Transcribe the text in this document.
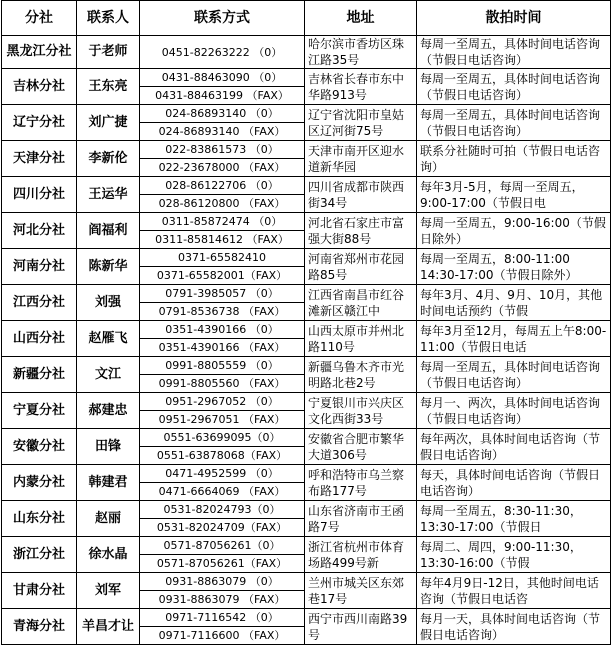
分社	联系人	联系方式	地址	散拍时间
黑龙江分社	于老师	0451-82263222 （0）	哈尔滨市香坊区珠江路35号	每周一至周五，具体时间电话咨询（节假日电话咨询）

吉林分社	王东亮	0431-88463090 （0）	吉林省长春市东中华路913号	每周一至周五，具体时间电话咨询（节假日电话咨询）
		0431-88463199 （FAX）		
辽宁分社	刘广捷	024-86893140 （0）	辽宁省沈阳市皇姑区辽河街75号	每周一至周五，具体时间电话咨询（节假日电话咨询）
		024-86893140 （FAX）		
天津分社	李新伦	022-83861573 （0）	天津市南开区迎水道新华园	联系分社随时可拍（节假日电话咨询）
		022-23678000 （FAX）		
四川分社	王运华	028-86122706 （0）	四川省成都市陕西街34号	每年3月-5月，每周一至周五，9:00-17:00（节假日电
		028-86120800 （FAX）		
河北分社	阎福利	0311-85872474 （0）	河北省石家庄市富强大街88号	每周一至周五，9:00-16:00（节假日除外）
		0311-85814612 （FAX）		
河南分社	陈新华	0371-65582410	河南省郑州市花园路85号	每周一至周五，8:00-11:00 14:30-17:00（节假日除外）
		0371-65582001（FAX）		
江西分社	刘强	0791-3985057 （0）	江西省南昌市红谷滩新区赣江中	每年3月、4月、9月、10月，其他时间电话预约（节假
		0791-8536738 （FAX）		
山西分社	赵雁飞	0351-4390166 （0）	山西太原市并州北路110号	每年3月至12月，每周五上午8:00-11:00（节假日电话
		0351-4390166 （FAX）		
新疆分社	文江	0991-8805559 （0）	新疆乌鲁木齐市光明路北巷2号	每周一至周五，具体时间电话咨询（节假日电话咨询）
		0991-8805560 （FAX）		
宁夏分社	郝建忠	0951-2967052 （0）	宁夏银川市兴庆区文化西街33号	每月一、两次，具体时间电话咨询（节假日电话咨询）
		0951-2967051 （FAX）		
安徽分社	田锋	0551-63699095（0）	安徽省合肥市繁华大道306号	每年两次，具体时间电话咨询（节假日电话咨询）
		0551-63878068（FAX）		
内蒙分社	韩建君	0471-4952599 （0）	呼和浩特市乌兰察布路177号	每天，具体时间电话咨询（节假日电话咨询）
		0471-6664069 （FAX）		
山东分社	赵丽	0531-82024793（0）	山东省济南市王函路7号	每周一至周五，8:30-11:30，13:30-17:00（节假日
		0531-82024709（FAX）		
浙江分社	徐水晶	0571-87056261（0）	浙江省杭州市体育场路499号新	每周二、周四，9:00-11:30，13:30-16:00（节假
		0571-87056261（FAX）		
甘肃分社	刘军	0931-8863079 （0）	兰州市城关区东郊巷17号	每年4月9日-12日，其他时间电话咨询（节假日电话咨
		0931-8863079 （FAX）		
青海分社	羊昌才让	0971-7116542 （0）	西宁市西川南路39号	每月一天，具体时间电话咨询（节假日电话咨询）
		0971-7116600 （FAX）		
